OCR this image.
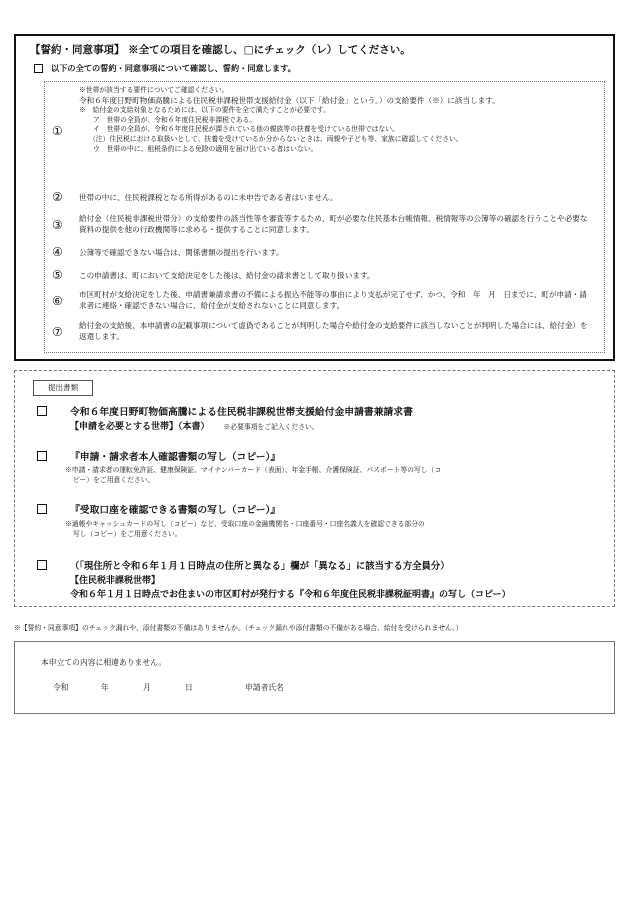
【誓約・同意事項】 ※全ての項目を確認し、□にチェック（レ）してください。
以下の全ての誓約・同意事項について確認し、誓約・同意します。
①
※世帯が該当する要件についてご確認ください。
令和６年度日野町物価高騰による住民税非課税世帯支援給付金（以下「給付金」という。）の支給要件（※）に該当します。
※　給付金の支給対象となるためには、以下の要件を全て満たすことが必要です。
ア　世帯の全員が、令和６年度住民税非課税である。
イ　世帯の全員が、令和６年度住民税が課されている他の親族等の扶養を受けている世帯ではない。
（注）住民税における取扱いとして、扶養を受けているか分からないときは、両親や子ども等、家族に確認してください。
ウ　世帯の中に、租税条約による免除の適用を届け出ている者はいない。
② 世帯の中に、住民税課税となる所得があるのに未申告である者はいません。
③ 給付金（住民税非課税世帯分）の支給要件の該当性等を審査等するため、町が必要な住民基本台帳情報、税情報等の公簿等の確認を行うことや必要な資料の提供を他の行政機関等に求める・提供することに同意します。
④ 公簿等で確認できない場合は、関係書類の提出を行います。
⑤ この申請書は、町において支給決定をした後は、給付金の請求書として取り扱います。
⑥ 市区町村が支給決定をした後、申請書兼請求書の不備による振込不能等の事由により支払が完了せず、かつ、令和　年　月　日までに、町が申請・請求者に連絡・確認できない場合に、給付金が支給されないことに同意します。
⑦ 給付金の支給後、本申請書の記載事項について虚偽であることが判明した場合や給付金の支給要件に該当しないことが判明した場合には、給付金）を返還します。
提出書類
令和６年度日野町物価高騰による住民税非課税世帯支援給付金申請書兼請求書
【申請を必要とする世帯】（本書） ※必要事項をご記入ください。
『申請・請求者本人確認書類の写し（コピー）』
※申請・請求者の運転免許証、健康保険証、マイナンバーカード（表面）、年金手帳、介護保険証、パスポート等の写し（コ
ピー）をご用意ください。
『受取口座を確認できる書類の写し（コピー）』
※通帳やキャッシュカードの写し（コピー）など、受取口座の金融機関名・口座番号・口座名義人を確認できる部分の
写し（コピー）をご用意ください。
（「現住所と令和６年１月１日時点の住所と異なる」欄が「異なる」に該当する方全員分）
【住民税非課税世帯】
令和６年１月１日時点でお住まいの市区町村が発行する『令和６年度住民税非課税証明書』の写し（コピー）
※【誓約・同意事項】のチェック漏れや、添付書類の不備はありませんか。（チェック漏れや添付書類の不備がある場合、給付を受けられません。）
本申立ての内容に相違ありません。
令和	年	月	日	申請者氏名
